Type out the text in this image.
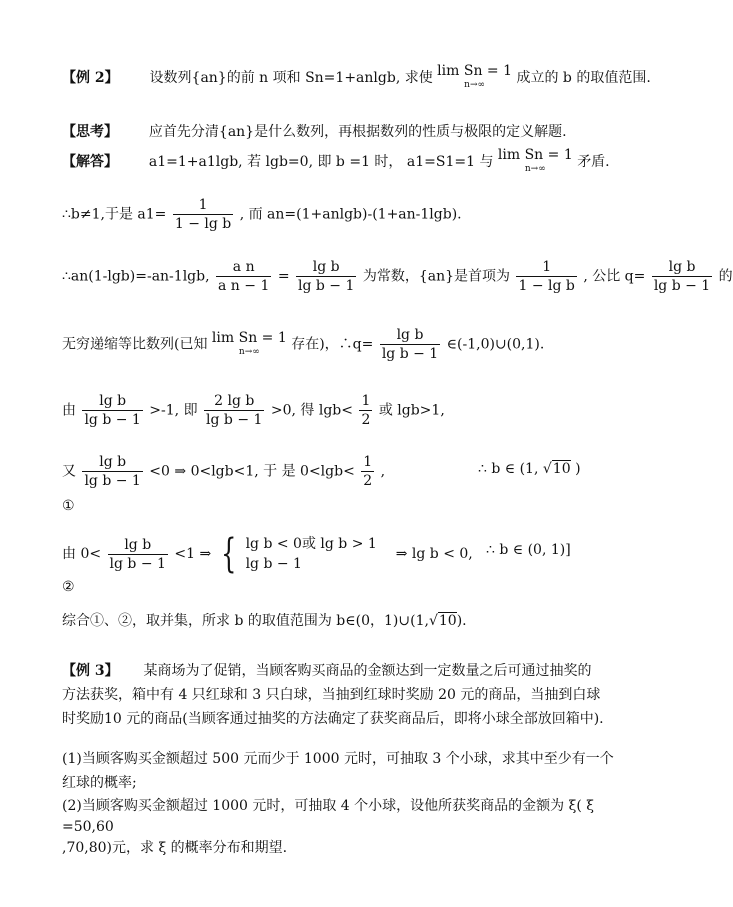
【例 2】 设数列{an}的前 n 项和 Sn=1+anlgb, 求使 lim Sn = 1
n→∞	成立的 b 的取值范围.
【思考】 应首先分清{an}是什么数列，再根据数列的性质与极限的定义解题.
【解答】 a1=1+a1lgb, 若 lgb=0, 即 b =1 时， a1=S1=1 与 lim Sn = 1
n→∞	矛盾.
∴b≠1,于是 $a1= \frac{1}{\text{1 − lg b}}$ , 而 an=(1+anlgb)-(1+an-1lgb).
∴an(1-lgb)=-an-1lgb, $\frac{\text{a n}}{\text{a n − 1}} = \frac{\text{lg b}}{\text{lg b − 1}}$ 为常数，{an}是首项为 $\frac{1}{\text{1 − lg b}}$ , 公比 $q= \frac{\text{lg b}}{\text{lg b − 1}}$ 的
无穷递缩等比数列(已知 lim Sn = 1
n→∞	存在)，∴q= $\frac{\text{lg b}}{\text{lg b − 1}}$ ∈(-1,0)∪(0,1).
由 $\frac{\text{lg b}}{\text{lg b − 1}} >-1$, 即 $\frac{\text{2 lg b}}{\text{lg b − 1}} >0$, 得 $\lg b< \frac{1}{2}$ 或 lgb>1,
又 $\frac{\text{lg b}}{\text{lg b − 1}} <0$ ⇒ 0<lgb<1, 于 是 $0<\lg b< \frac{1}{2}$ ,	∴ b ∈ (1, √10 )
①
由 $0< \frac{\text{lg b}}{\text{lg b − 1}} <1$ ⇒ { lg b < 0或 lg b > 1
lg b − 1
⇒ lg b < 0, ∴ b ∈ (0, 1)]
②
综合①、②，取并集，所求 b 的取值范围为 b∈(0，1)∪(1,√10).
【例 3】 某商场为了促销，当顾客购买商品的金额达到一定数量之后可通过抽奖的
方法获奖，箱中有 4 只红球和 3 只白球，当抽到红球时奖励 20 元的商品，当抽到白球
时奖励10 元的商品(当顾客通过抽奖的方法确定了获奖商品后，即将小球全部放回箱中).
(1)当顾客购买金额超过 500 元而少于 1000 元时，可抽取 3 个小球，求其中至少有一个
红球的概率;
(2)当顾客购买金额超过 1000 元时，可抽取 4 个小球，设他所获奖商品的金额为 ξ( ξ
=50,60
,70,80)元，求 ξ 的概率分布和期望.
